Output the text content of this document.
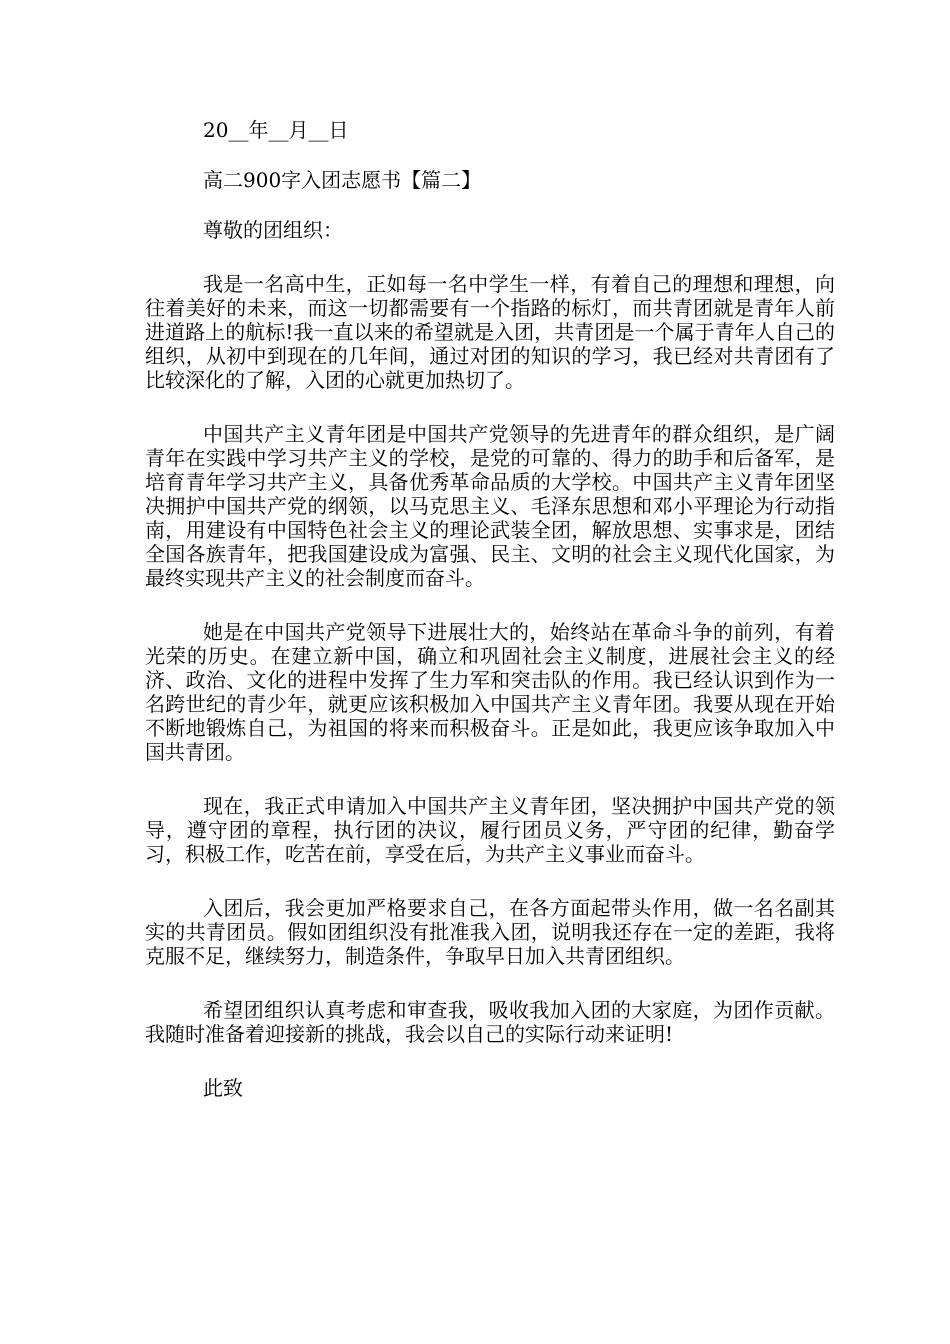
20__年__月__日

高二900字入团志愿书【篇二】

尊敬的团组织：

我是一名高中生，正如每一名中学生一样，有着自己的理想和理想，向往着美好的未来，而这一切都需要有一个指路的标灯，而共青团就是青年人前进道路上的航标!我一直以来的希望就是入团，共青团是一个属于青年人自己的组织，从初中到现在的几年间，通过对团的知识的学习，我已经对共青团有了比较深化的了解，入团的心就更加热切了。

中国共产主义青年团是中国共产党领导的先进青年的群众组织，是广阔青年在实践中学习共产主义的学校，是党的可靠的、得力的助手和后备军，是培育青年学习共产主义，具备优秀革命品质的大学校。中国共产主义青年团坚决拥护中国共产党的纲领，以马克思主义、毛泽东思想和邓小平理论为行动指南，用建设有中国特色社会主义的理论武装全团，解放思想、实事求是，团结全国各族青年，把我国建设成为富强、民主、文明的社会主义现代化国家，为最终实现共产主义的社会制度而奋斗。

她是在中国共产党领导下进展壮大的，始终站在革命斗争的前列，有着光荣的历史。在建立新中国，确立和巩固社会主义制度，进展社会主义的经济、政治、文化的进程中发挥了生力军和突击队的作用。我已经认识到作为一名跨世纪的青少年，就更应该积极加入中国共产主义青年团。我要从现在开始不断地锻炼自己，为祖国的将来而积极奋斗。正是如此，我更应该争取加入中国共青团。

现在，我正式申请加入中国共产主义青年团，坚决拥护中国共产党的领导，遵守团的章程，执行团的决议，履行团员义务，严守团的纪律，勤奋学习，积极工作，吃苦在前，享受在后，为共产主义事业而奋斗。

入团后，我会更加严格要求自己，在各方面起带头作用，做一名名副其实的共青团员。假如团组织没有批准我入团，说明我还存在一定的差距，我将克服不足，继续努力，制造条件，争取早日加入共青团组织。

希望团组织认真考虑和审查我，吸收我加入团的大家庭，为团作贡献。我随时准备着迎接新的挑战，我会以自己的实际行动来证明!

此致
